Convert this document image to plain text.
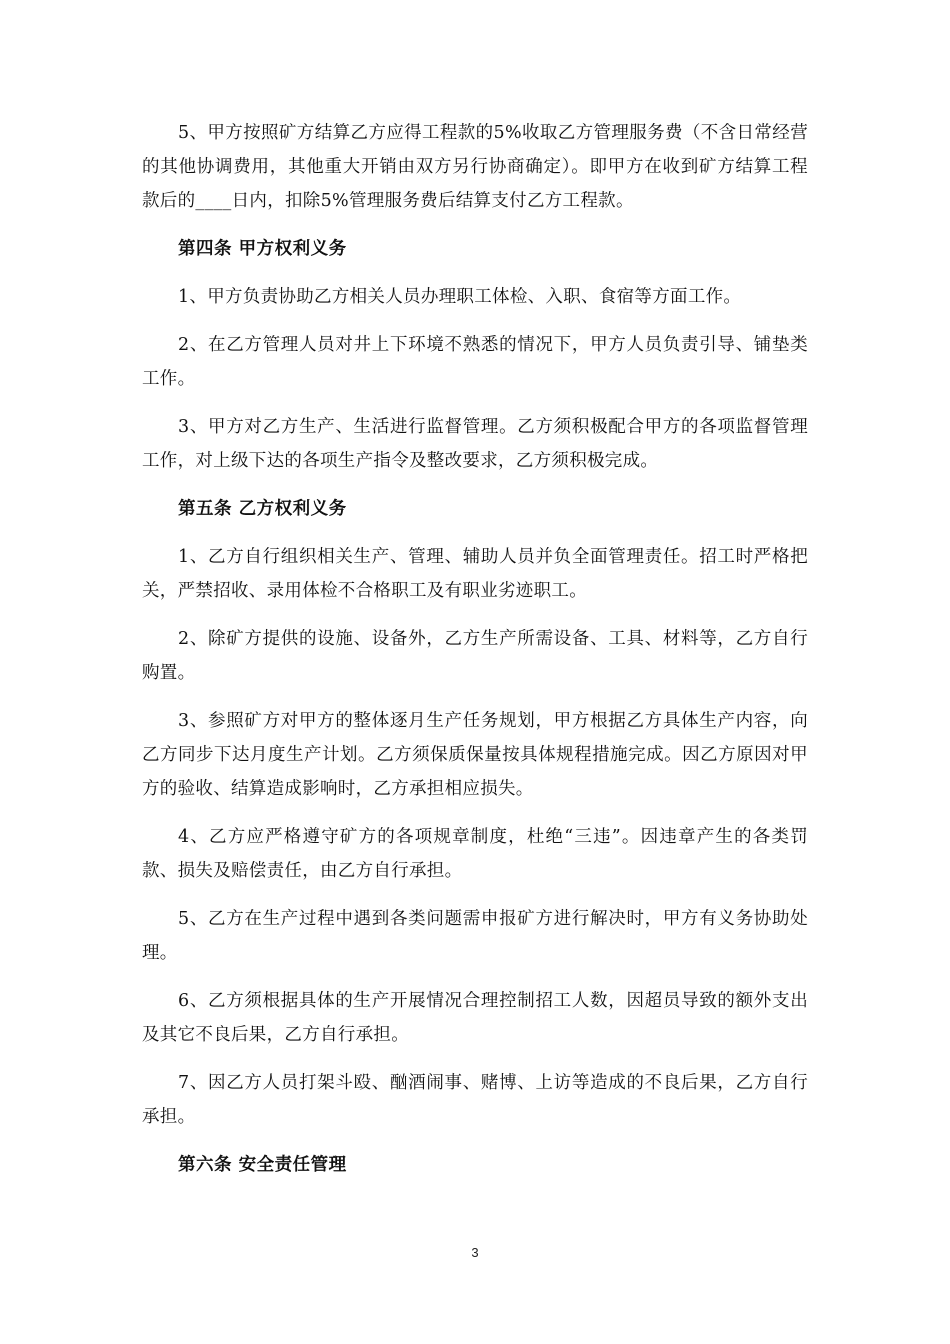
5、甲方按照矿方结算乙方应得工程款的5%收取乙方管理服务费（不含日常经营的其他协调费用，其他重大开销由双方另行协商确定）。即甲方在收到矿方结算工程款后的____日内，扣除5%管理服务费后结算支付乙方工程款。

第四条 甲方权利义务

1、甲方负责协助乙方相关人员办理职工体检、入职、食宿等方面工作。

2、在乙方管理人员对井上下环境不熟悉的情况下，甲方人员负责引导、铺垫类工作。

3、甲方对乙方生产、生活进行监督管理。乙方须积极配合甲方的各项监督管理工作，对上级下达的各项生产指令及整改要求，乙方须积极完成。

第五条 乙方权利义务

1、乙方自行组织相关生产、管理、辅助人员并负全面管理责任。招工时严格把关，严禁招收、录用体检不合格职工及有职业劣迹职工。

2、除矿方提供的设施、设备外，乙方生产所需设备、工具、材料等，乙方自行购置。

3、参照矿方对甲方的整体逐月生产任务规划，甲方根据乙方具体生产内容，向乙方同步下达月度生产计划。乙方须保质保量按具体规程措施完成。因乙方原因对甲方的验收、结算造成影响时，乙方承担相应损失。

4、乙方应严格遵守矿方的各项规章制度，杜绝“三违”。因违章产生的各类罚款、损失及赔偿责任，由乙方自行承担。

5、乙方在生产过程中遇到各类问题需申报矿方进行解决时，甲方有义务协助处理。

6、乙方须根据具体的生产开展情况合理控制招工人数，因超员导致的额外支出及其它不良后果，乙方自行承担。

7、因乙方人员打架斗殴、酗酒闹事、赌博、上访等造成的不良后果，乙方自行承担。

第六条 安全责任管理

3
